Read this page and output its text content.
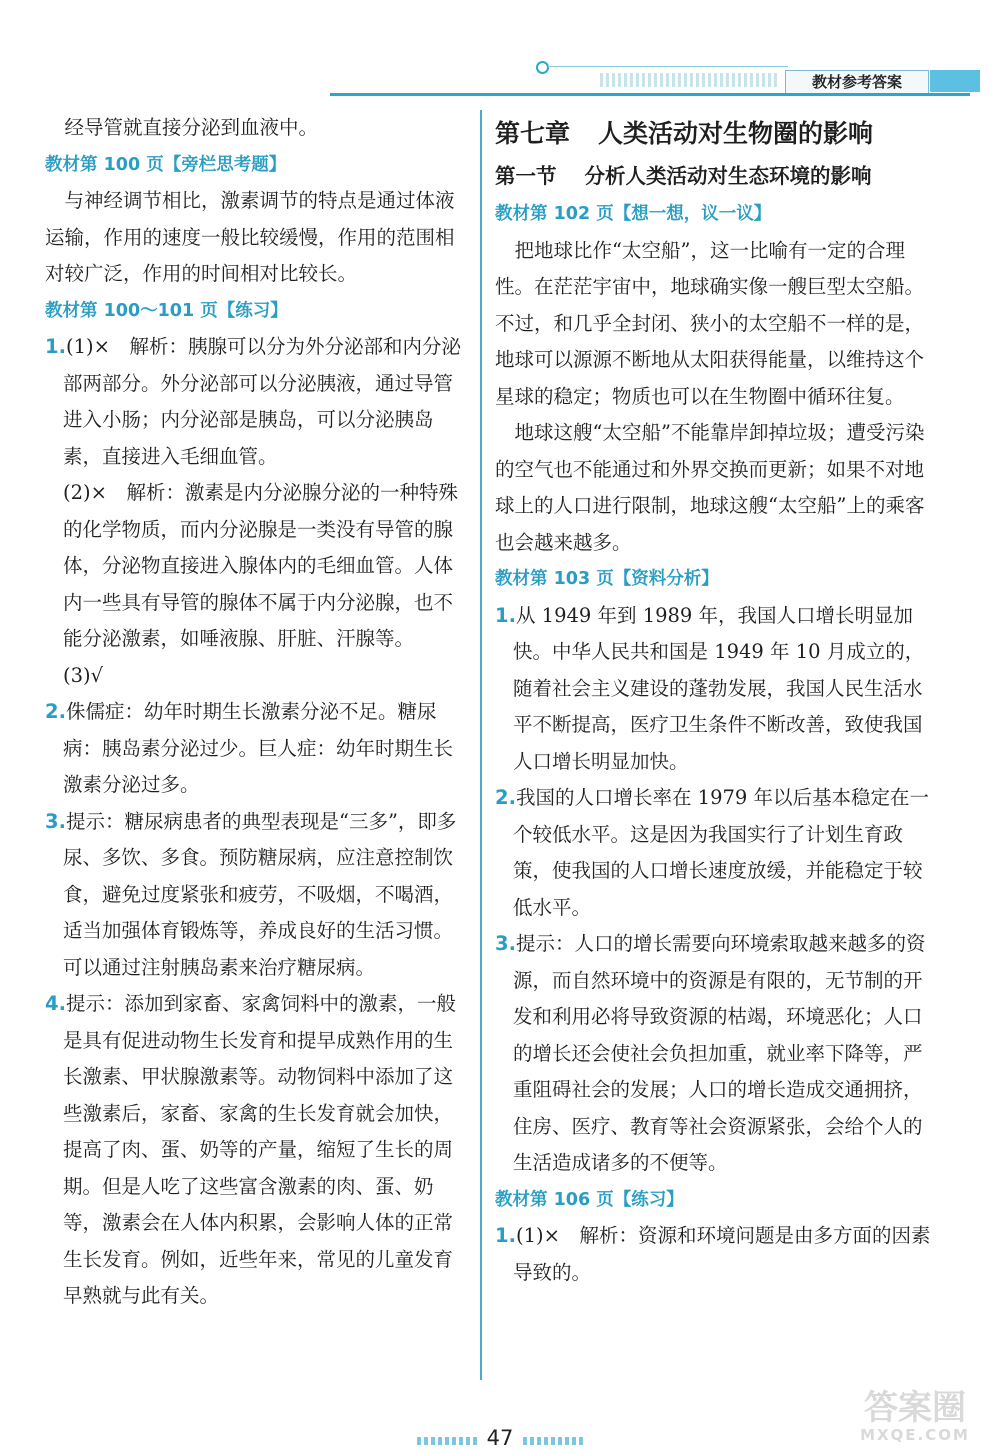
教材参考答案

经导管就直接分泌到血液中。

教材第 100 页【旁栏思考题】

与神经调节相比，激素调节的特点是通过体液运输，作用的速度一般比较缓慢，作用的范围相对较广泛，作用的时间相对比较长。

教材第 100～101 页【练习】

1.(1)×　解析：胰腺可以分为外分泌部和内分泌部两部分。外分泌部可以分泌胰液，通过导管进入小肠；内分泌部是胰岛，可以分泌胰岛素，直接进入毛细血管。

(2)×　解析：激素是内分泌腺分泌的一种特殊的化学物质，而内分泌腺是一类没有导管的腺体，分泌物直接进入腺体内的毛细血管。人体内一些具有导管的腺体不属于内分泌腺，也不能分泌激素，如唾液腺、肝脏、汗腺等。

(3)√

2.侏儒症：幼年时期生长激素分泌不足。糖尿病：胰岛素分泌过少。巨人症：幼年时期生长激素分泌过多。

3.提示：糖尿病患者的典型表现是“三多”，即多尿、多饮、多食。预防糖尿病，应注意控制饮食，避免过度紧张和疲劳，不吸烟，不喝酒，适当加强体育锻炼等，养成良好的生活习惯。可以通过注射胰岛素来治疗糖尿病。

4.提示：添加到家畜、家禽饲料中的激素，一般是具有促进动物生长发育和提早成熟作用的生长激素、甲状腺激素等。动物饲料中添加了这些激素后，家畜、家禽的生长发育就会加快，提高了肉、蛋、奶等的产量，缩短了生长的周期。但是人吃了这些富含激素的肉、蛋、奶等，激素会在人体内积累，会影响人体的正常生长发育。例如，近些年来，常见的儿童发育早熟就与此有关。

第七章 人类活动对生物圈的影响

第一节 分析人类活动对生态环境的影响

教材第 102 页【想一想，议一议】

把地球比作“太空船”，这一比喻有一定的合理性。在茫茫宇宙中，地球确实像一艘巨型太空船。不过，和几乎全封闭、狭小的太空船不一样的是，地球可以源源不断地从太阳获得能量，以维持这个星球的稳定；物质也可以在生物圈中循环往复。

地球这艘“太空船”不能靠岸卸掉垃圾；遭受污染的空气也不能通过和外界交换而更新；如果不对地球上的人口进行限制，地球这艘“太空船”上的乘客也会越来越多。

教材第 103 页【资料分析】

1.从 1949 年到 1989 年，我国人口增长明显加快。中华人民共和国是 1949 年 10 月成立的，随着社会主义建设的蓬勃发展，我国人民生活水平不断提高，医疗卫生条件不断改善，致使我国人口增长明显加快。

2.我国的人口增长率在 1979 年以后基本稳定在一个较低水平。这是因为我国实行了计划生育政策，使我国的人口增长速度放缓，并能稳定于较低水平。

3.提示：人口的增长需要向环境索取越来越多的资源，而自然环境中的资源是有限的，无节制的开发和利用必将导致资源的枯竭，环境恶化；人口的增长还会使社会负担加重，就业率下降等，严重阻碍社会的发展；人口的增长造成交通拥挤，住房、医疗、教育等社会资源紧张，会给个人的生活造成诸多的不便等。

教材第 106 页【练习】

1.(1)×　解析：资源和环境问题是由多方面的因素导致的。

47
答案圈
MXQE.COM
